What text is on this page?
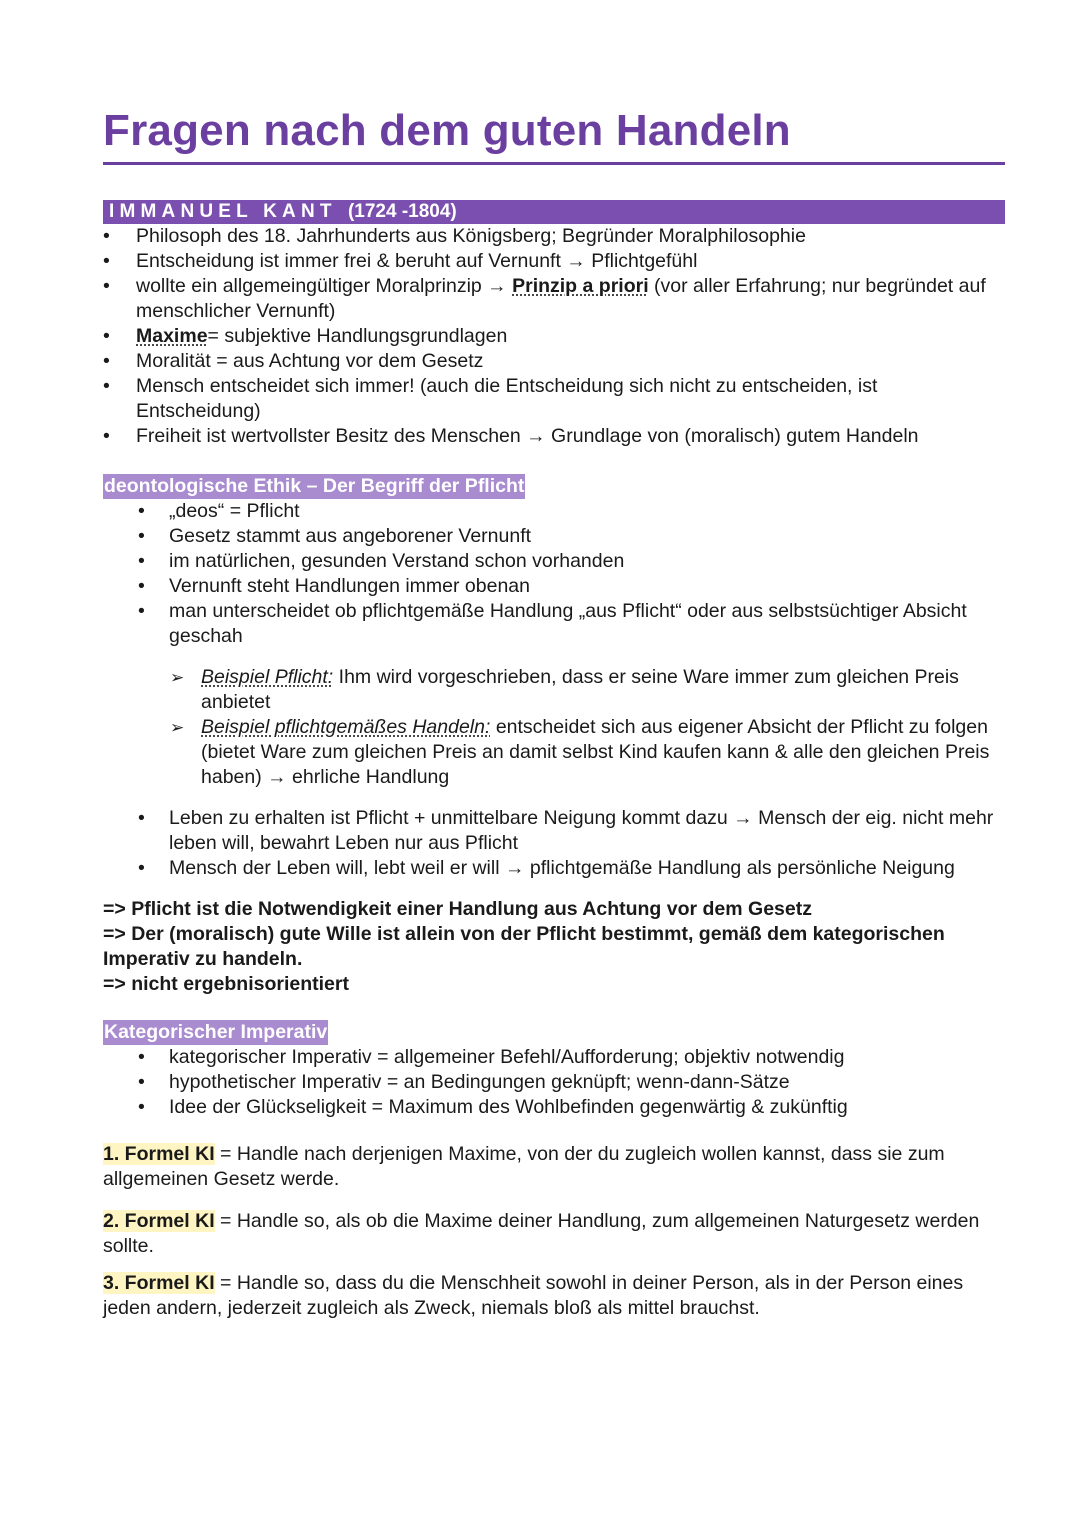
Fragen nach dem guten Handeln
IMMANUEL KANT (1724 -1804)
• Philosoph des 18. Jahrhunderts aus Königsberg; Begründer Moralphilosophie
• Entscheidung ist immer frei & beruht auf Vernunft → Pflichtgefühl
• wollte ein allgemeingültiger Moralprinzip → Prinzip a priori (vor aller Erfahrung; nur begründet auf menschlicher Vernunft)
• Maxime= subjektive Handlungsgrundlagen
• Moralität = aus Achtung vor dem Gesetz
• Mensch entscheidet sich immer! (auch die Entscheidung sich nicht zu entscheiden, ist Entscheidung)
• Freiheit ist wertvollster Besitz des Menschen → Grundlage von (moralisch) gutem Handeln
deontologische Ethik – Der Begriff der Pflicht
• „deos“ = Pflicht
• Gesetz stammt aus angeborener Vernunft
• im natürlichen, gesunden Verstand schon vorhanden
• Vernunft steht Handlungen immer obenan
• man unterscheidet ob pflichtgemäße Handlung „aus Pflicht“ oder aus selbstsüchtiger Absicht geschah
➢ Beispiel Pflicht: Ihm wird vorgeschrieben, dass er seine Ware immer zum gleichen Preis anbietet
➢ Beispiel pflichtgemäßes Handeln: entscheidet sich aus eigener Absicht der Pflicht zu folgen (bietet Ware zum gleichen Preis an damit selbst Kind kaufen kann & alle den gleichen Preis haben) → ehrliche Handlung
• Leben zu erhalten ist Pflicht + unmittelbare Neigung kommt dazu → Mensch der eig. nicht mehr leben will, bewahrt Leben nur aus Pflicht
• Mensch der Leben will, lebt weil er will → pflichtgemäße Handlung als persönliche Neigung
=> Pflicht ist die Notwendigkeit einer Handlung aus Achtung vor dem Gesetz
=> Der (moralisch) gute Wille ist allein von der Pflicht bestimmt, gemäß dem kategorischen Imperativ zu handeln.
=> nicht ergebnisorientiert
Kategorischer Imperativ
• kategorischer Imperativ = allgemeiner Befehl/Aufforderung; objektiv notwendig
• hypothetischer Imperativ = an Bedingungen geknüpft; wenn-dann-Sätze
• Idee der Glückseligkeit = Maximum des Wohlbefinden gegenwärtig & zukünftig
1. Formel KI = Handle nach derjenigen Maxime, von der du zugleich wollen kannst, dass sie zum allgemeinen Gesetz werde.
2. Formel KI = Handle so, als ob die Maxime deiner Handlung, zum allgemeinen Naturgesetz werden sollte.
3. Formel KI = Handle so, dass du die Menschheit sowohl in deiner Person, als in der Person eines jeden andern, jederzeit zugleich als Zweck, niemals bloß als mittel brauchst.
